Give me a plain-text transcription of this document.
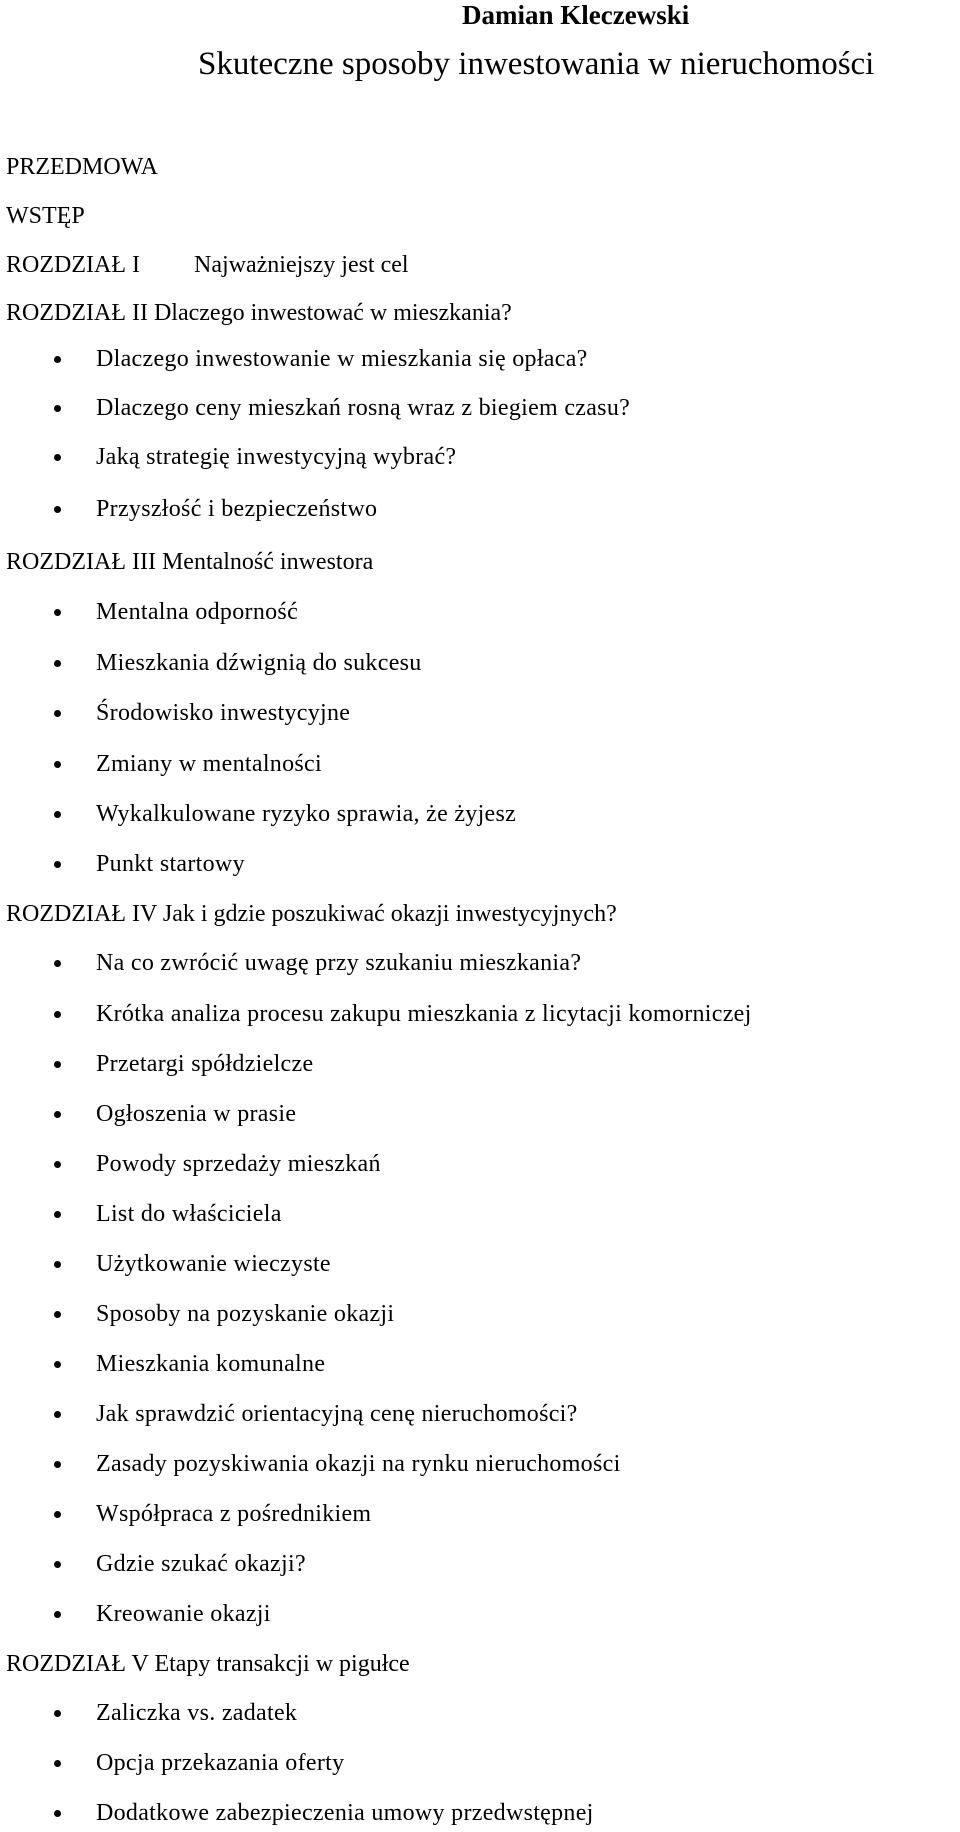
Damian Kleczewski
Skuteczne sposoby inwestowania w nieruchomości
PRZEDMOWA
WSTĘP
ROZDZIAŁ I Najważniejszy jest cel
ROZDZIAŁ II Dlaczego inwestować w mieszkania?
Dlaczego inwestowanie w mieszkania się opłaca?
Dlaczego ceny mieszkań rosną wraz z biegiem czasu?
Jaką strategię inwestycyjną wybrać?
Przyszłość i bezpieczeństwo
ROZDZIAŁ III Mentalność inwestora
Mentalna odporność
Mieszkania dźwignią do sukcesu
Środowisko inwestycyjne
Zmiany w mentalności
Wykalkulowane ryzyko sprawia, że żyjesz
Punkt startowy
ROZDZIAŁ IV Jak i gdzie poszukiwać okazji inwestycyjnych?
Na co zwrócić uwagę przy szukaniu mieszkania?
Krótka analiza procesu zakupu mieszkania z licytacji komorniczej
Przetargi spółdzielcze
Ogłoszenia w prasie
Powody sprzedaży mieszkań
List do właściciela
Użytkowanie wieczyste
Sposoby na pozyskanie okazji
Mieszkania komunalne
Jak sprawdzić orientacyjną cenę nieruchomości?
Zasady pozyskiwania okazji na rynku nieruchomości
Współpraca z pośrednikiem
Gdzie szukać okazji?
Kreowanie okazji
ROZDZIAŁ V Etapy transakcji w pigułce
Zaliczka vs. zadatek
Opcja przekazania oferty
Dodatkowe zabezpieczenia umowy przedwstępnej
